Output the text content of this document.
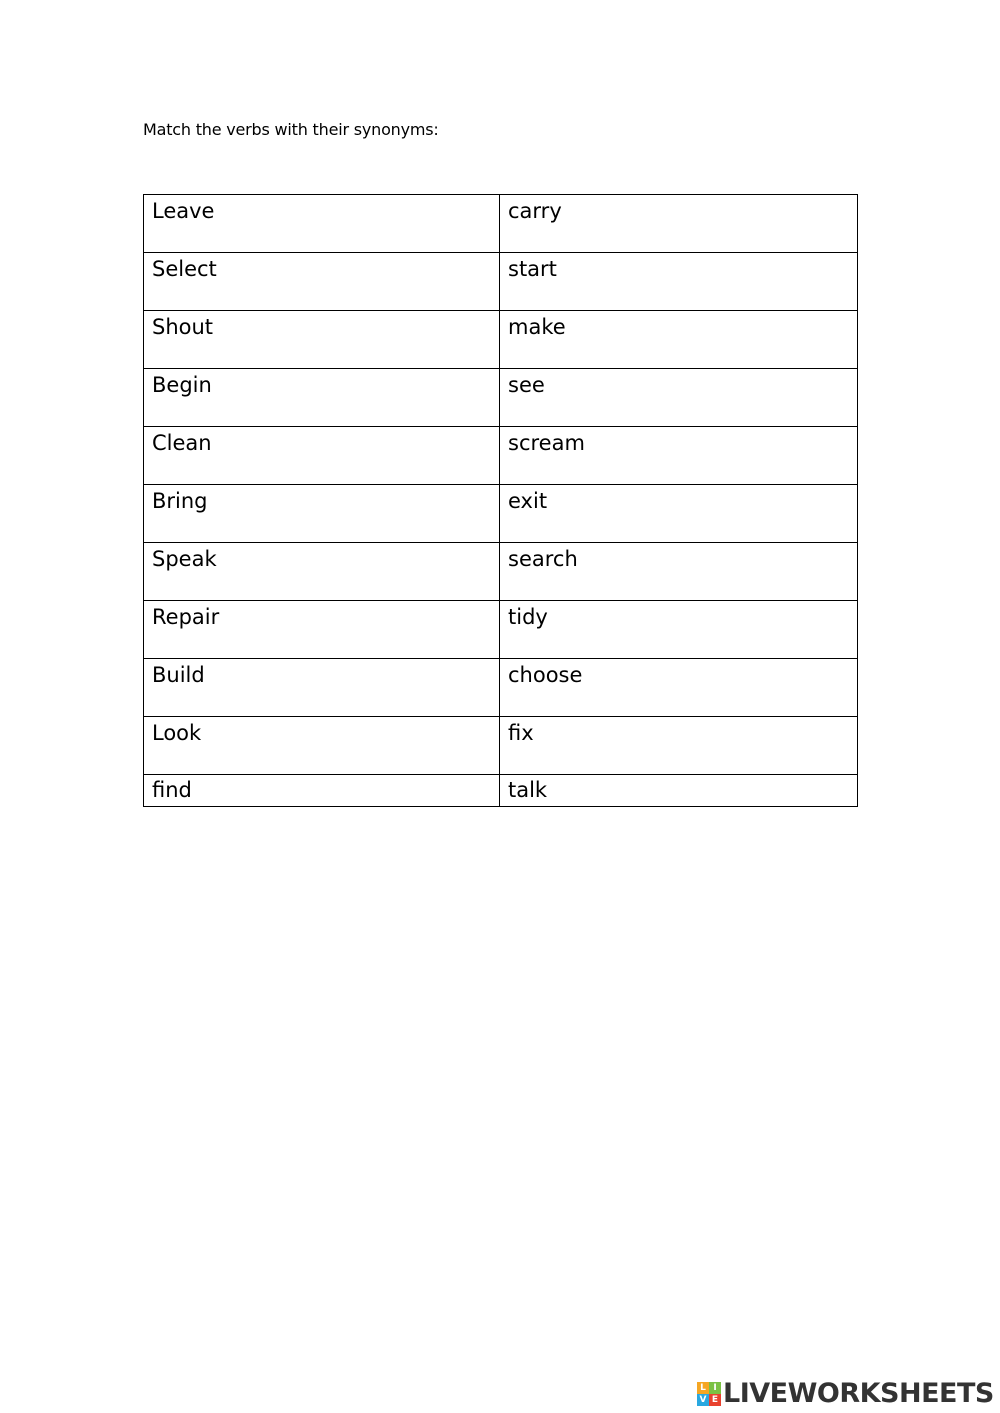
Match the verbs with their synonyms:
Leave	carry
Select	start
Shout	make
Begin	see
Clean	scream
Bring	exit
Speak	search
Repair	tidy
Build	choose
Look	fix
find	talk
L I
V E LIVEWORKSHEETS
